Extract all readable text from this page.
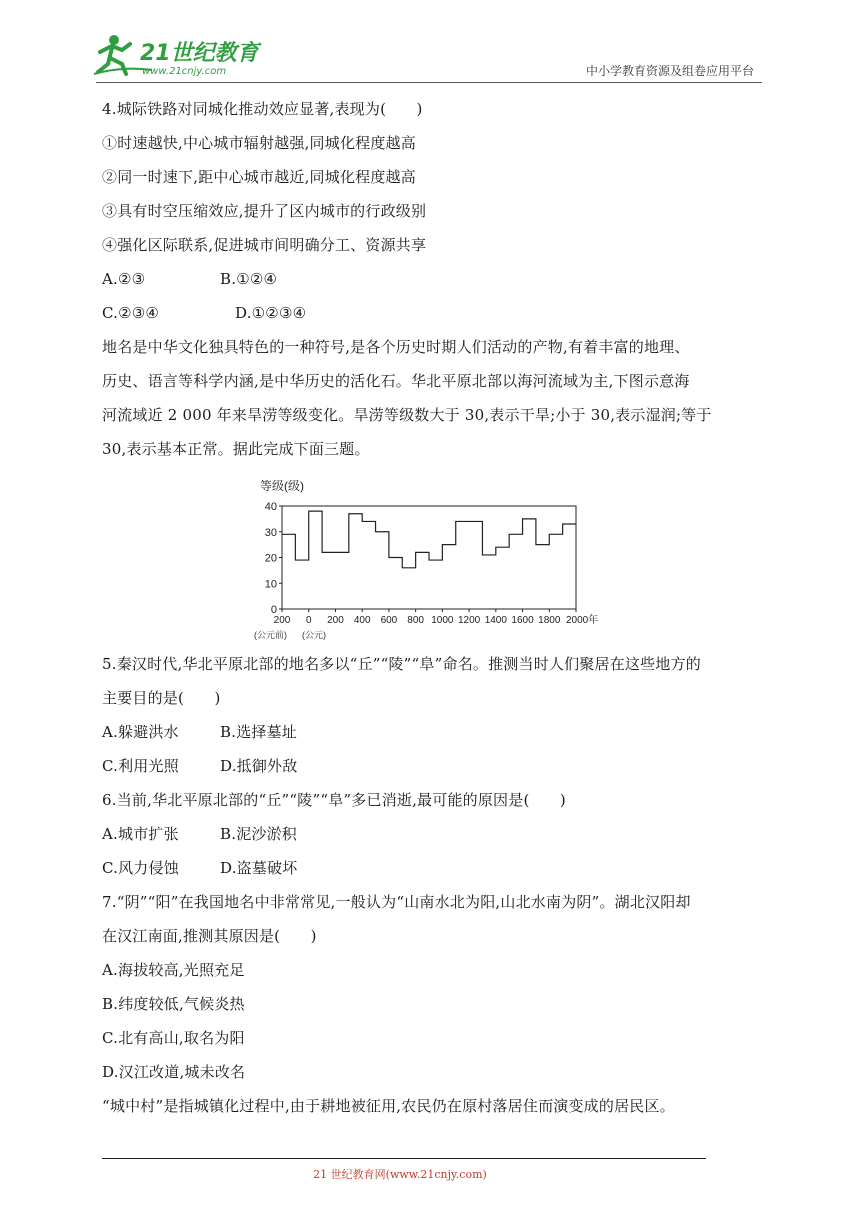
21世纪教育
www.21cnjy.com	中小学教育资源及组卷应用平台
4.城际铁路对同城化推动效应显著,表现为(　　)
①时速越快,中心城市辐射越强,同城化程度越高
②同一时速下,距中心城市越近,同城化程度越高
③具有时空压缩效应,提升了区内城市的行政级别
④强化区际联系,促进城市间明确分工、资源共享
A.②③	B.①②④
C.②③④	D.①②③④
地名是中华文化独具特色的一种符号,是各个历史时期人们活动的产物,有着丰富的地理、
历史、语言等科学内涵,是中华历史的活化石。华北平原北部以海河流域为主,下图示意海
河流域近 2 000 年来旱涝等级变化。旱涝等级数大于 30,表示干旱;小于 30,表示湿润;等于
30,表示基本正常。据此完成下面三题。
等级(级)
40
30
20
10
0
200 0 200 400 600 800 1000 1200 1400 1600 1800 2000年
(公元前) (公元)
5.秦汉时代,华北平原北部的地名多以“丘”“陵”“阜”命名。推测当时人们聚居在这些地方的
主要目的是(　　)
A.躲避洪水	B.选择墓址
C.利用光照	D.抵御外敌
6.当前,华北平原北部的“丘”“陵”“阜”多已消逝,最可能的原因是(　　)
A.城市扩张	B.泥沙淤积
C.风力侵蚀	D.盗墓破坏
7.“阴”“阳”在我国地名中非常常见,一般认为“山南水北为阳,山北水南为阴”。湖北汉阳却
在汉江南面,推测其原因是(　　)
A.海拔较高,光照充足
B.纬度较低,气候炎热
C.北有高山,取名为阳
D.汉江改道,城未改名
“城中村”是指城镇化过程中,由于耕地被征用,农民仍在原村落居住而演变成的居民区。
21 世纪教育网(www.21cnjy.com)
